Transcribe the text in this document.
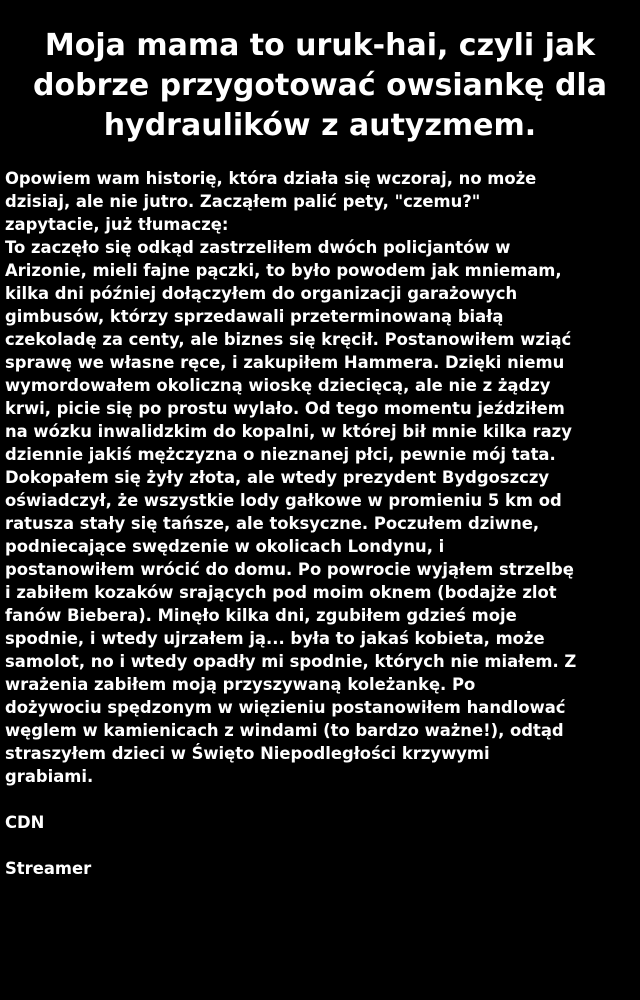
Moja mama to uruk-hai, czyli jak
dobrze przygotować owsiankę dla
hydraulików z autyzmem.
Opowiem wam historię, która działa się wczoraj, no może
dzisiaj, ale nie jutro. Zacząłem palić pety, "czemu?"
zapytacie, już tłumaczę:
To zaczęło się odkąd zastrzeliłem dwóch policjantów w
Arizonie, mieli fajne pączki, to było powodem jak mniemam,
kilka dni później dołączyłem do organizacji garażowych
gimbusów, którzy sprzedawali przeterminowaną białą
czekoladę za centy, ale biznes się kręcił. Postanowiłem wziąć
sprawę we własne ręce, i zakupiłem Hammera. Dzięki niemu
wymordowałem okoliczną wioskę dziecięcą, ale nie z żądzy
krwi, picie się po prostu wylało. Od tego momentu jeździłem
na wózku inwalidzkim do kopalni, w której bił mnie kilka razy
dziennie jakiś mężczyzna o nieznanej płci, pewnie mój tata.
Dokopałem się żyły złota, ale wtedy prezydent Bydgoszczy
oświadczył, że wszystkie lody gałkowe w promieniu 5 km od
ratusza stały się tańsze, ale toksyczne. Poczułem dziwne,
podniecające swędzenie w okolicach Londynu, i
postanowiłem wrócić do domu. Po powrocie wyjąłem strzelbę
i zabiłem kozaków srających pod moim oknem (bodajże zlot
fanów Biebera). Minęło kilka dni, zgubiłem gdzieś moje
spodnie, i wtedy ujrzałem ją... była to jakaś kobieta, może
samolot, no i wtedy opadły mi spodnie, których nie miałem. Z
wrażenia zabiłem moją przyszywaną koleżankę. Po
dożywociu spędzonym w więzieniu postanowiłem handlować
węglem w kamienicach z windami (to bardzo ważne!), odtąd
straszyłem dzieci w Święto Niepodległości krzywymi
grabiami.
CDN
Streamer
